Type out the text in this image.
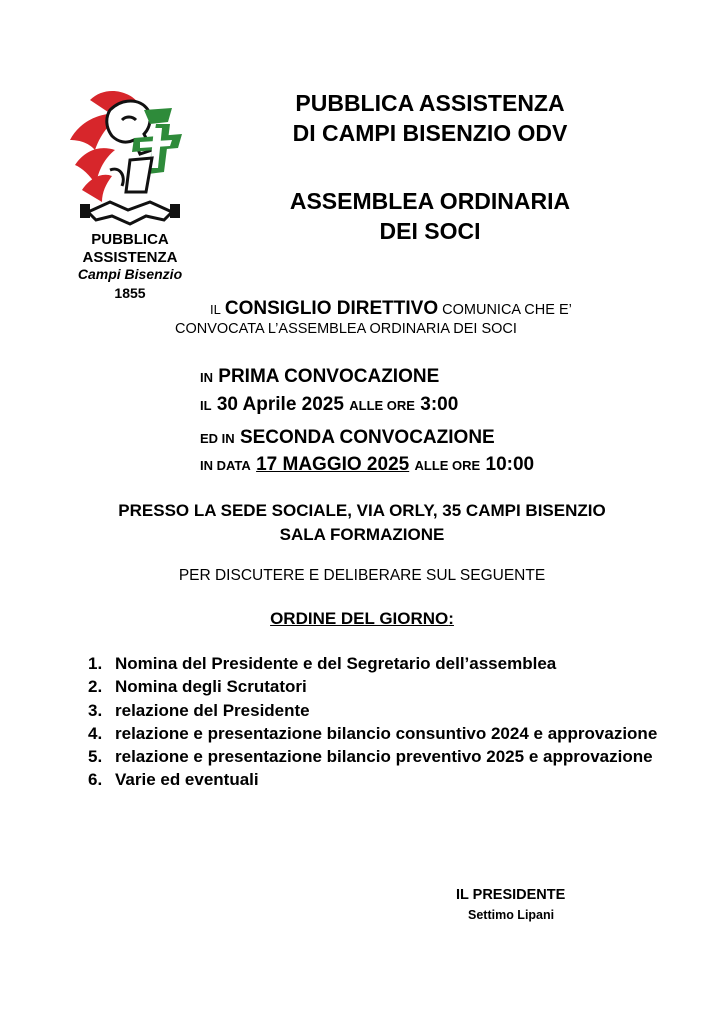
PUBBLICA
ASSISTENZA
Campi Bisenzio
1855
PUBBLICA ASSISTENZA
DI CAMPI BISENZIO ODV
ASSEMBLEA ORDINARIA
DEI SOCI
IL CONSIGLIO DIRETTIVO COMUNICA CHE E’
CONVOCATA L’ASSEMBLEA ORDINARIA DEI SOCI
IN PRIMA CONVOCAZIONE
IL 30 Aprile 2025 ALLE ORE 3:00
ED IN SECONDA CONVOCAZIONE
IN DATA 17 MAGGIO 2025 ALLE ORE 10:00
PRESSO LA SEDE SOCIALE, VIA ORLY, 35 CAMPI BISENZIO
SALA FORMAZIONE
PER DISCUTERE E DELIBERARE SUL SEGUENTE
ORDINE DEL GIORNO:
1. Nomina del Presidente e del Segretario dell’assemblea
2. Nomina degli Scrutatori
3. relazione del Presidente
4. relazione e presentazione bilancio consuntivo 2024 e approvazione
5. relazione e presentazione bilancio preventivo 2025 e approvazione
6. Varie ed eventuali
IL PRESIDENTE
Settimo Lipani
